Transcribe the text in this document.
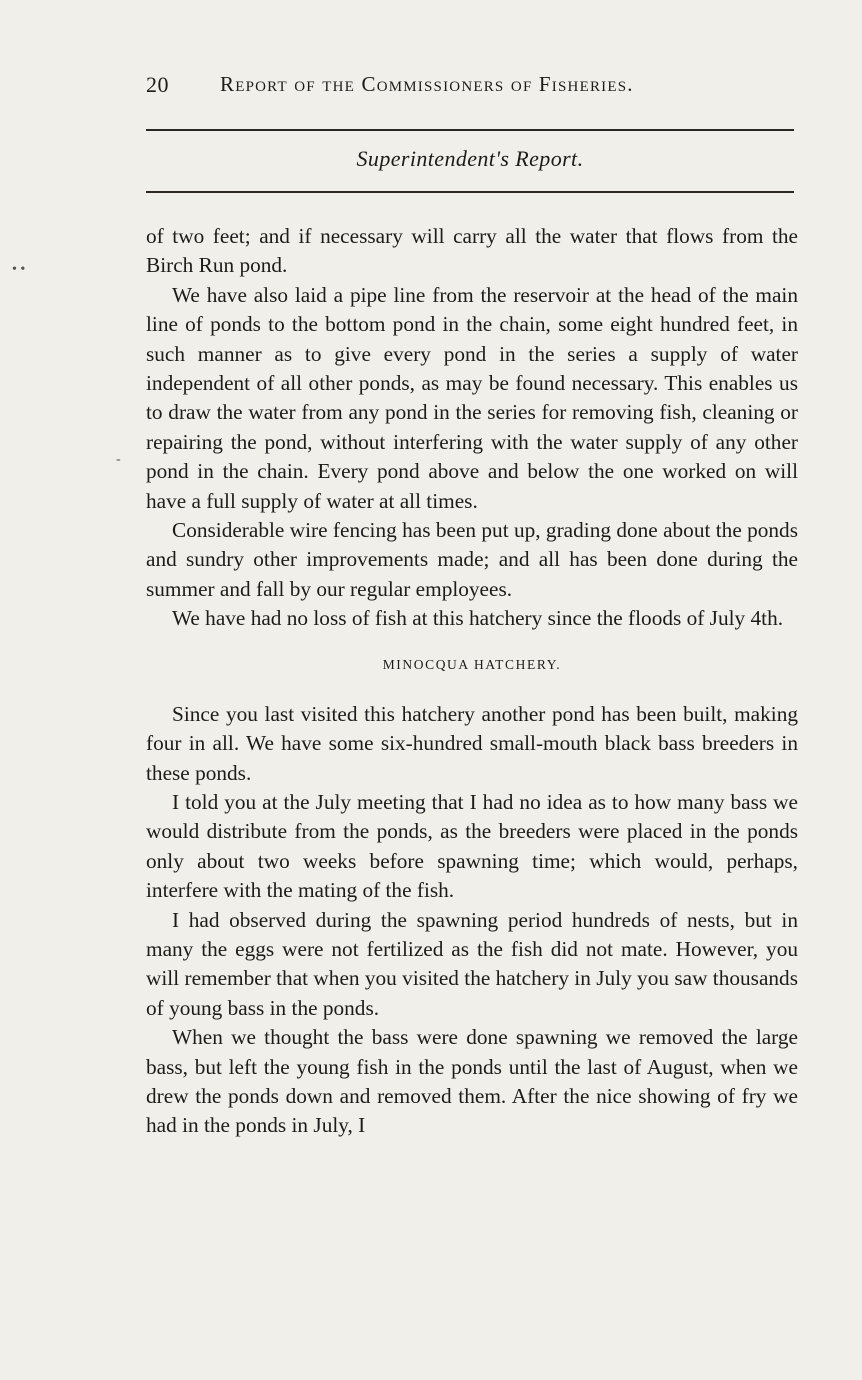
20 Report of the Commissioners of Fisheries.
Superintendent's Report.
• •
-

of two feet; and if necessary will carry all the water that flows from the Birch Run pond.

We have also laid a pipe line from the reservoir at the head of the main line of ponds to the bottom pond in the chain, some eight hundred feet, in such manner as to give every pond in the series a supply of water independent of all other ponds, as may be found necessary. This enables us to draw the water from any pond in the series for removing fish, cleaning or repairing the pond, without interfering with the water supply of any other pond in the chain. Every pond above and below the one worked on will have a full supply of water at all times.

Considerable wire fencing has been put up, grading done about the ponds and sundry other improvements made; and all has been done during the summer and fall by our regular employees.

We have had no loss of fish at this hatchery since the floods of July 4th.

MINOCQUA HATCHERY.

Since you last visited this hatchery another pond has been built, making four in all. We have some six-hundred small-mouth black bass breeders in these ponds.

I told you at the July meeting that I had no idea as to how many bass we would distribute from the ponds, as the breeders were placed in the ponds only about two weeks before spawning time; which would, perhaps, interfere with the mating of the fish.

I had observed during the spawning period hundreds of nests, but in many the eggs were not fertilized as the fish did not mate. However, you will remember that when you visited the hatchery in July you saw thousands of young bass in the ponds.

When we thought the bass were done spawning we removed the large bass, but left the young fish in the ponds until the last of August, when we drew the ponds down and removed them. After the nice showing of fry we had in the ponds in July, I
